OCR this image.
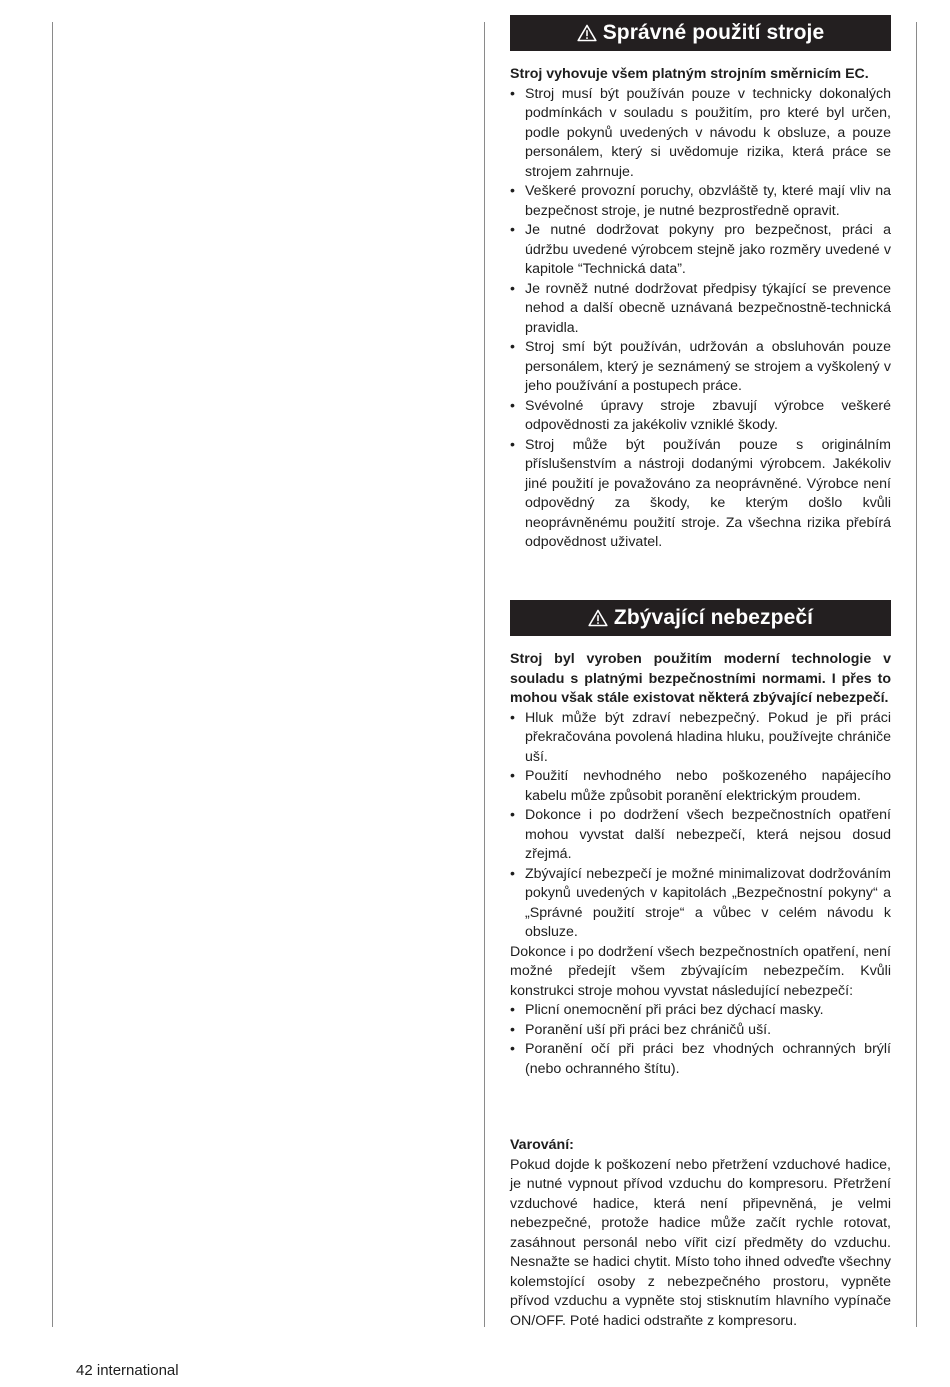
Správné použití stroje
Stroj vyhovuje všem platným strojním směrnicím EC.
• Stroj musí být používán pouze v technicky dokonalých podmínkách v souladu s použitím, pro které byl určen, podle pokynů uvedených v návodu k obsluze, a pouze personálem, který si uvědomuje rizika, která práce se strojem zahrnuje.
• Veškeré provozní poruchy, obzvláště ty, které mají vliv na bezpečnost stroje, je nutné bezprostředně opravit.
• Je nutné dodržovat pokyny pro bezpečnost, práci a údržbu uvedené výrobcem stejně jako rozměry uvedené v kapitole “Technická data”.
• Je rovněž nutné dodržovat předpisy týkající se prevence nehod a další obecně uznávaná bezpečnostně-technická pravidla.
• Stroj smí být používán, udržován a obsluhován pouze personálem, který je seznámený se strojem a vyškolený v jeho používání a postupech práce.
• Svévolné úpravy stroje zbavují výrobce veškeré odpovědnosti za jakékoliv vzniklé škody.
• Stroj může být používán pouze s originálním příslušenstvím a nástroji dodanými výrobcem. Jakékoliv jiné použití je považováno za neoprávněné. Výrobce není odpovědný za škody, ke kterým došlo kvůli neoprávněnému použití stroje. Za všechna rizika přebírá odpovědnost uživatel.
Zbývající nebezpečí
Stroj byl vyroben použitím moderní technologie v souladu s platnými bezpečnostními normami. I přes to mohou však stále existovat některá zbývající nebezpečí.
• Hluk může být zdraví nebezpečný. Pokud je při práci překračována povolená hladina hluku, používejte chrániče uší.
• Použití nevhodného nebo poškozeného napájecího kabelu může způsobit poranění elektrickým proudem.
• Dokonce i po dodržení všech bezpečnostních opatření mohou vyvstat další nebezpečí, která nejsou dosud zřejmá.
• Zbývající nebezpečí je možné minimalizovat dodržováním pokynů uvedených v kapitolách „Bezpečnostní pokyny“ a „Správné použití stroje“ a vůbec v celém návodu k obsluze.

Dokonce i po dodržení všech bezpečnostních opatření, není možné předejít všem zbývajícím nebezpečím. Kvůli konstrukci stroje mohou vyvstat následující nebezpečí:

• Plicní onemocnění při práci bez dýchací masky.
• Poranění uší při práci bez chráničů uší.
• Poranění očí při práci bez vhodných ochranných brýlí (nebo ochranného štítu).
Varování:

Pokud dojde k poškození nebo přetržení vzduchové hadice, je nutné vypnout přívod vzduchu do kompresoru. Přetržení vzduchové hadice, která není připevněná, je velmi nebezpečné, protože hadice může začít rychle rotovat, zasáhnout personál nebo vířit cizí předměty do vzduchu. Nesnažte se hadici chytit. Místo toho ihned odveďte všechny kolemstojící osoby z nebezpečného prostoru, vypněte přívod vzduchu a vypněte stoj stisknutím hlavního vypínače ON/OFF. Poté hadici odstraňte z kompresoru.

42 international
